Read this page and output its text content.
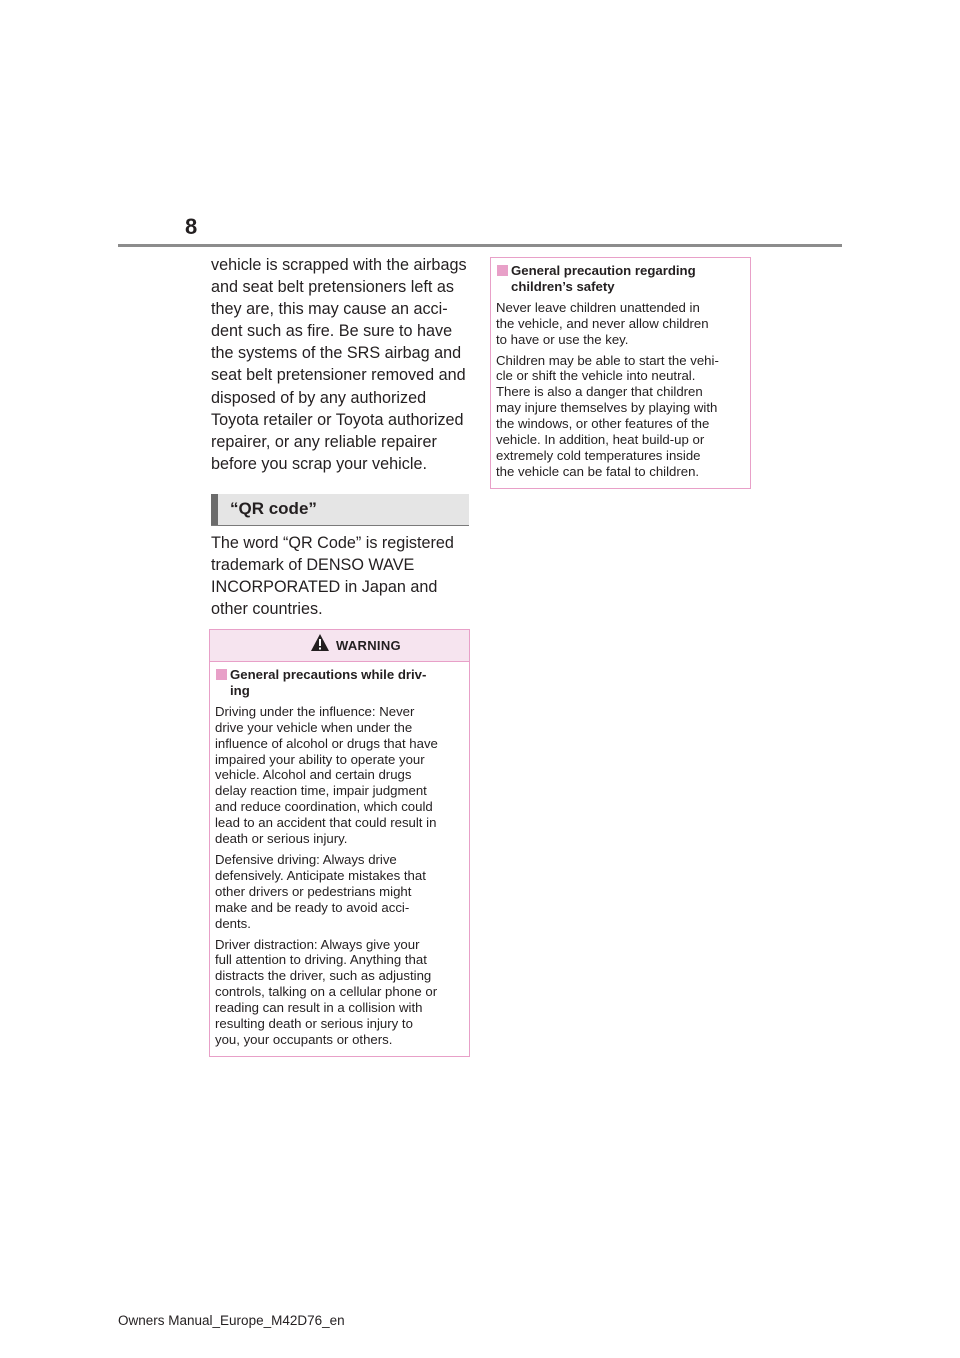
8

vehicle is scrapped with the airbags
and seat belt pretensioners left as
they are, this may cause an acci-
dent such as fire. Be sure to have
the systems of the SRS airbag and
seat belt pretensioner removed and
disposed of by any authorized
Toyota retailer or Toyota authorized
repairer, or any reliable repairer
before you scrap your vehicle.

“QR code”

The word “QR Code” is registered
trademark of DENSO WAVE
INCORPORATED in Japan and
other countries.

WARNING
General precautions while driv-
ing

Driving under the influence: Never
drive your vehicle when under the
influence of alcohol or drugs that have
impaired your ability to operate your
vehicle. Alcohol and certain drugs
delay reaction time, impair judgment
and reduce coordination, which could
lead to an accident that could result in
death or serious injury.

Defensive driving: Always drive
defensively. Anticipate mistakes that
other drivers or pedestrians might
make and be ready to avoid acci-
dents.

Driver distraction: Always give your
full attention to driving. Anything that
distracts the driver, such as adjusting
controls, talking on a cellular phone or
reading can result in a collision with
resulting death or serious injury to
you, your occupants or others.

General precaution regarding
children’s safety

Never leave children unattended in
the vehicle, and never allow children
to have or use the key.

Children may be able to start the vehi-
cle or shift the vehicle into neutral.
There is also a danger that children
may injure themselves by playing with
the windows, or other features of the
vehicle. In addition, heat build-up or
extremely cold temperatures inside
the vehicle can be fatal to children.

Owners Manual_Europe_M42D76_en
